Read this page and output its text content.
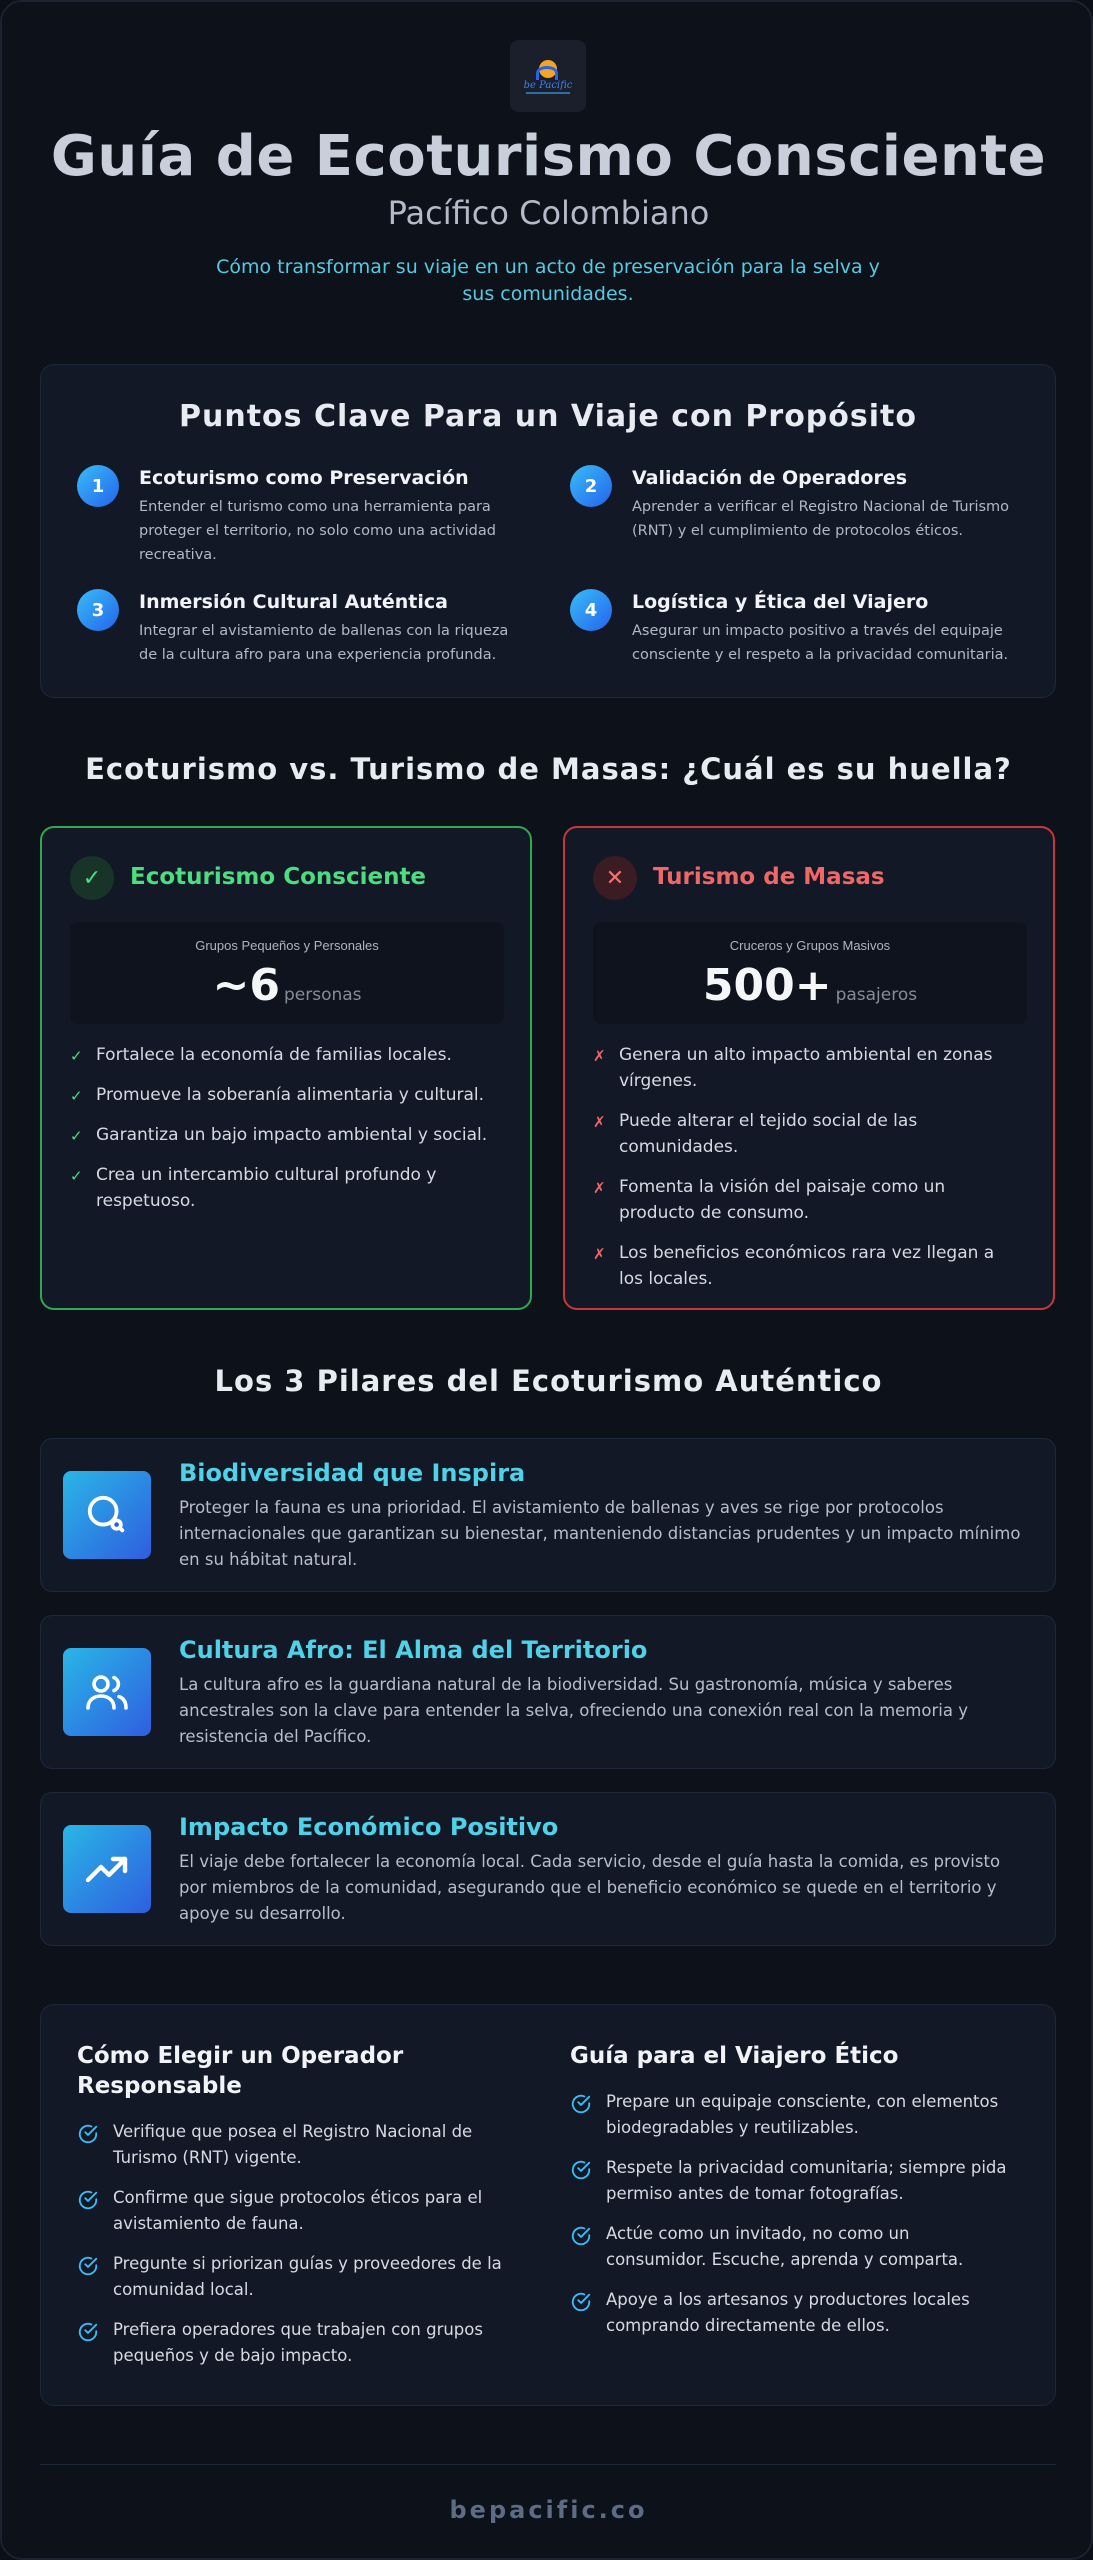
be Pacific
Guía de Ecoturismo Consciente
Pacífico Colombiano

Cómo transformar su viaje en un acto de preservación para la selva y sus comunidades.

Puntos Clave Para un Viaje con Propósito
1	Ecoturismo como Preservación
Entender el turismo como una herramienta para proteger el territorio, no solo como una actividad recreativa.
2	Validación de Operadores
Aprender a verificar el Registro Nacional de Turismo (RNT) y el cumplimiento de protocolos éticos.
3	Inmersión Cultural Auténtica
Integrar el avistamiento de ballenas con la riqueza de la cultura afro para una experiencia profunda.
4	Logística y Ética del Viajero
Asegurar un impacto positivo a través del equipaje consciente y el respeto a la privacidad comunitaria.
Ecoturismo vs. Turismo de Masas: ¿Cuál es su huella?
✓	Ecoturismo Consciente
Grupos Pequeños y Personales
~6 personas
✓ Fortalece la economía de familias locales.
✓ Promueve la soberanía alimentaria y cultural.
✓ Garantiza un bajo impacto ambiental y social.
✓ Crea un intercambio cultural profundo y respetuoso.
✕	Turismo de Masas
Cruceros y Grupos Masivos
500+ pasajeros
✗ Genera un alto impacto ambiental en zonas vírgenes.
✗ Puede alterar el tejido social de las comunidades.
✗ Fomenta la visión del paisaje como un producto de consumo.
✗ Los beneficios económicos rara vez llegan a los locales.
Los 3 Pilares del Ecoturismo Auténtico
Biodiversidad que Inspira
Proteger la fauna es una prioridad. El avistamiento de ballenas y aves se rige por protocolos internacionales que garantizan su bienestar, manteniendo distancias prudentes y un impacto mínimo en su hábitat natural.
Cultura Afro: El Alma del Territorio
La cultura afro es la guardiana natural de la biodiversidad. Su gastronomía, música y saberes ancestrales son la clave para entender la selva, ofreciendo una conexión real con la memoria y resistencia del Pacífico.
Impacto Económico Positivo
El viaje debe fortalecer la economía local. Cada servicio, desde el guía hasta la comida, es provisto por miembros de la comunidad, asegurando que el beneficio económico se quede en el territorio y apoye su desarrollo.
Cómo Elegir un Operador Responsable
Verifique que posea el Registro Nacional de Turismo (RNT) vigente.
Confirme que sigue protocolos éticos para el avistamiento de fauna.
Pregunte si priorizan guías y proveedores de la comunidad local.
Prefiera operadores que trabajen con grupos pequeños y de bajo impacto.
Guía para el Viajero Ético
Prepare un equipaje consciente, con elementos biodegradables y reutilizables.
Respete la privacidad comunitaria; siempre pida permiso antes de tomar fotografías.
Actúe como un invitado, no como un consumidor. Escuche, aprenda y comparta.
Apoye a los artesanos y productores locales comprando directamente de ellos.
bepacific.co
